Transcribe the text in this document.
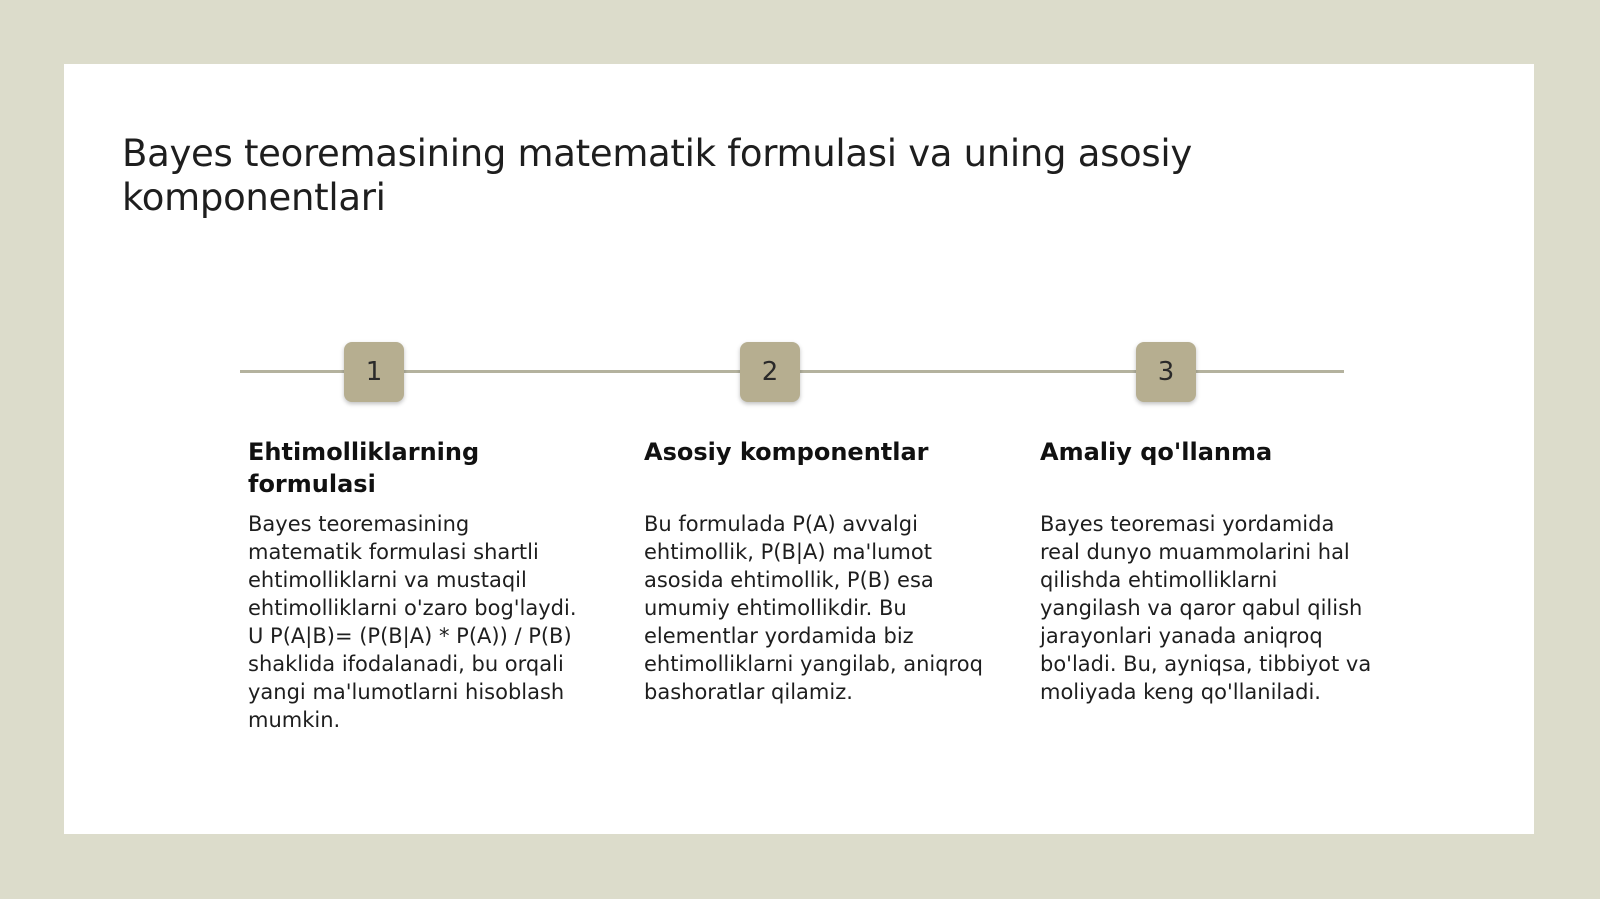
Bayes teoremasining matematik formulasi va uning asosiy komponentlari
1	2	3
Ehtimolliklarning formulasi

Bayes teoremasining matematik formulasi shartli ehtimolliklarni va mustaqil ehtimolliklarni o'zaro bog'laydi. U P(A|B)= (P(B|A) * P(A)) / P(B) shaklida ifodalanadi, bu orqali yangi ma'lumotlarni hisoblash mumkin.

Asosiy komponentlar

Bu formulada P(A) avvalgi ehtimollik, P(B|A) ma'lumot asosida ehtimollik, P(B) esa umumiy ehtimollikdir. Bu elementlar yordamida biz ehtimolliklarni yangilab, aniqroq bashoratlar qilamiz.

Amaliy qo'llanma

Bayes teoremasi yordamida real dunyo muammolarini hal qilishda ehtimolliklarni yangilash va qaror qabul qilish jarayonlari yanada aniqroq bo'ladi. Bu, ayniqsa, tibbiyot va moliyada keng qo'llaniladi.
